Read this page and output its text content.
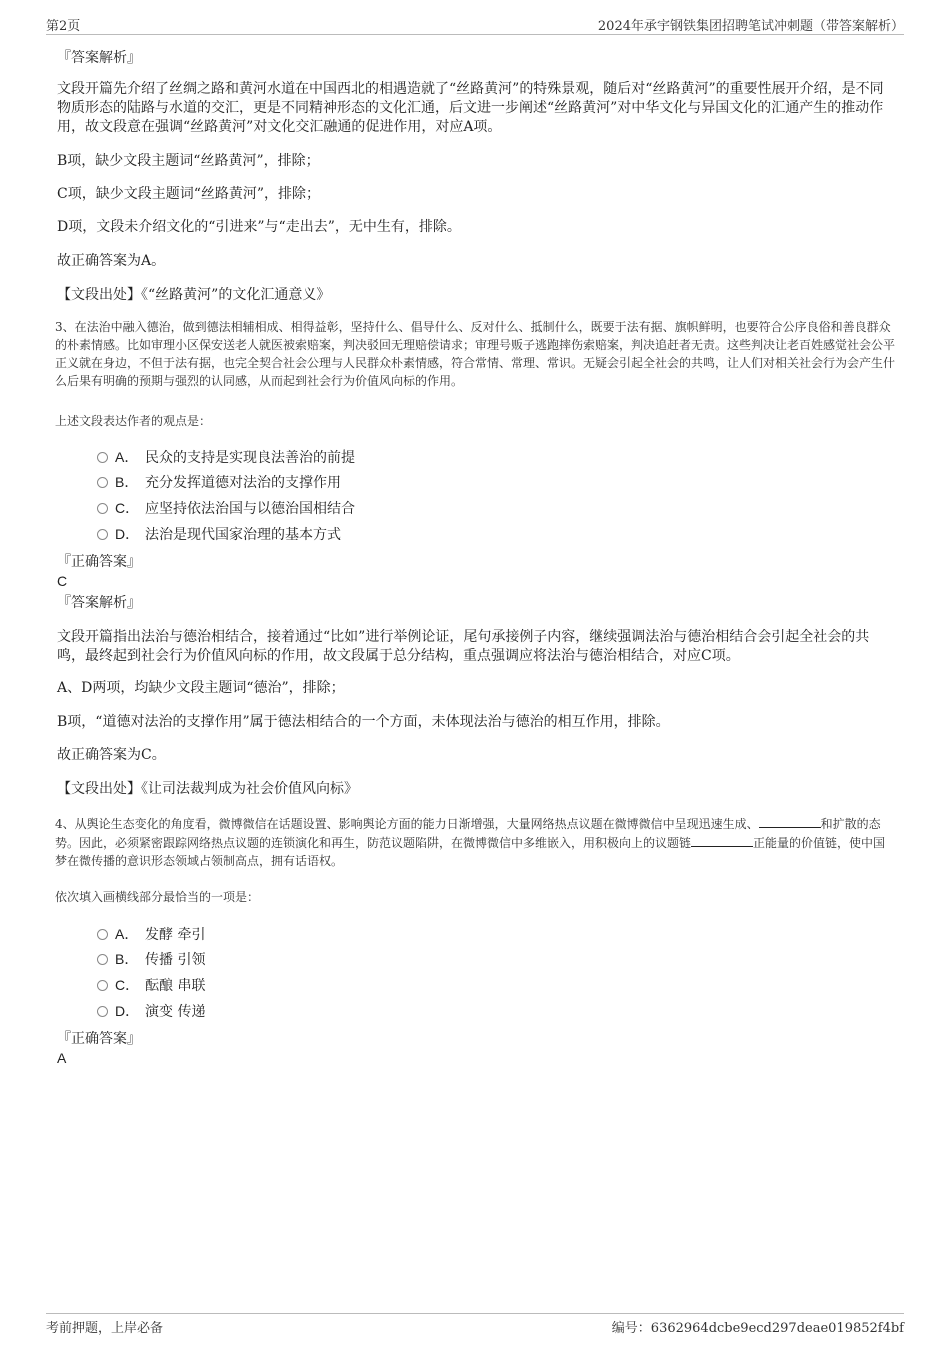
第2页	2024年承宇钢铁集团招聘笔试冲刺题（带答案解析）
『答案解析』
文段开篇先介绍了丝绸之路和黄河水道在中国西北的相遇造就了“丝路黄河”的特殊景观，随后对“丝路黄河”的重要性展开介绍，是不同物质形态的陆路与水道的交汇，更是不同精神形态的文化汇通，后文进一步阐述“丝路黄河”对中华文化与异国文化的汇通产生的推动作用，故文段意在强调“丝路黄河”对文化交汇融通的促进作用，对应A项。
B项，缺少文段主题词“丝路黄河”，排除；
C项，缺少文段主题词“丝路黄河”，排除；
D项，文段未介绍文化的“引进来”与“走出去”，无中生有，排除。
故正确答案为A。
【文段出处】《“丝路黄河”的文化汇通意义》
3、在法治中融入德治，做到德法相辅相成、相得益彰，坚持什么、倡导什么、反对什么、抵制什么，既要于法有据、旗帜鲜明，也要符合公序良俗和善良群众的朴素情感。比如审理小区保安送老人就医被索赔案，判决驳回无理赔偿请求；审理号贩子逃跑摔伤索赔案，判决追赶者无责。这些判决让老百姓感觉社会公平正义就在身边，不但于法有据，也完全契合社会公理与人民群众朴素情感，符合常情、常理、常识。无疑会引起全社会的共鸣，让人们对相关社会行为会产生什么后果有明确的预期与强烈的认同感，从而起到社会行为价值风向标的作用。
上述文段表达作者的观点是：
A． 民众的支持是实现良法善治的前提
B． 充分发挥道德对法治的支撑作用
C． 应坚持依法治国与以德治国相结合
D． 法治是现代国家治理的基本方式
『正确答案』
C
『答案解析』
文段开篇指出法治与德治相结合，接着通过“比如”进行举例论证，尾句承接例子内容，继续强调法治与德治相结合会引起全社会的共鸣，最终起到社会行为价值风向标的作用，故文段属于总分结构，重点强调应将法治与德治相结合，对应C项。
A、D两项，均缺少文段主题词“德治”，排除；
B项，“道德对法治的支撑作用”属于德法相结合的一个方面，未体现法治与德治的相互作用，排除。
故正确答案为C。
【文段出处】《让司法裁判成为社会价值风向标》
4、从舆论生态变化的角度看，微博微信在话题设置、影响舆论方面的能力日渐增强，大量网络热点议题在微博微信中呈现迅速生成、	和扩散的态势。因此，必须紧密跟踪网络热点议题的连锁演化和再生，防范议题陷阱，在微博微信中多维嵌入，用积极向上的议题链	正能量的价值链，使中国梦在微传播的意识形态领域占领制高点，拥有话语权。
依次填入画横线部分最恰当的一项是：
A． 发酵 牵引
B． 传播 引领
C． 酝酿 串联
D． 演变 传递
『正确答案』
A
考前押题，上岸必备	编号：6362964dcbe9ecd297deae019852f4bf
